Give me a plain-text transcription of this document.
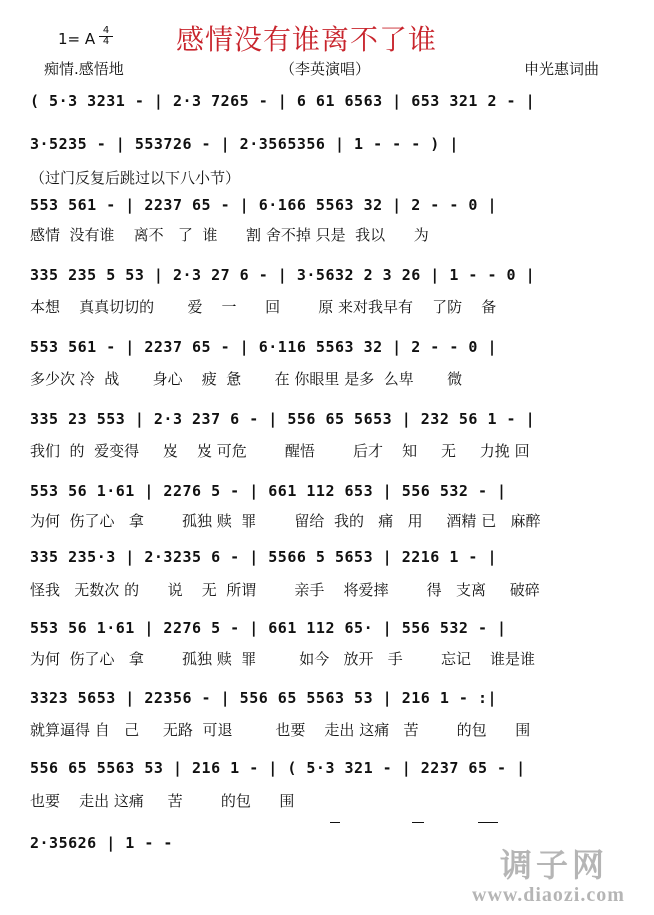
1= A 4
4 感情没有谁离不了谁
痴情.感悟地	（李英演唱）	申光惠词曲
( 5·3 3231 - | 2·3 7265 - | 6 61 6563 | 653 321 2 - |
3·5235 - | 553726 - | 2·3565356 | 1 - - - ) |
（过门反复后跳过以下八小节）
553 561 - | 2237 65 - | 6·166 5563 32 | 2 - - 0 |
感情  没有谁    离不   了  谁      割 舍不掉 只是  我以      为
335 235 5 53 | 2·3 27 6 - | 3·5632 2 3 26 | 1 - - 0 |
本想    真真切切的       爱    一      回        原 来对我早有    了防    备
553 561 - | 2237 65 - | 6·116 5563 32 | 2 - - 0 |
多少次 冷  战       身心    疲  惫       在 你眼里 是多  么卑       微
335 23 553 | 2·3 237 6 - | 556 65 5653 | 232 56 1 - |
我们  的  爱变得     岌    岌 可危        醒悟        后才    知     无     力挽 回
553 56 1·61 | 2276 5 - | 661 112 653 | 556 532 - |
为何  伤了心   拿        孤独 赎  罪        留给  我的   痛   用     酒精 已   麻醉
335 235·3 | 2·3235 6 - | 5566 5 5653 | 2216 1 - |
怪我   无数次 的      说    无  所谓        亲手    将爱摔        得   支离     破碎
553 56 1·61 | 2276 5 - | 661 112 65· | 556 532 - |
为何  伤了心   拿        孤独 赎  罪         如今   放开   手        忘记    谁是谁
3323 5653 | 22356 - | 556 65 5563 53 | 216 1 - :|
就算逼得 自   己     无路  可退         也要    走出 这痛   苦        的包      围
556 65 5563 53 | 216 1 - | ( 5·3 321 - | 2237 65 - |
也要    走出 这痛     苦        的包      围
2·35626 | 1 - -
调子网
www.diaozi.com
